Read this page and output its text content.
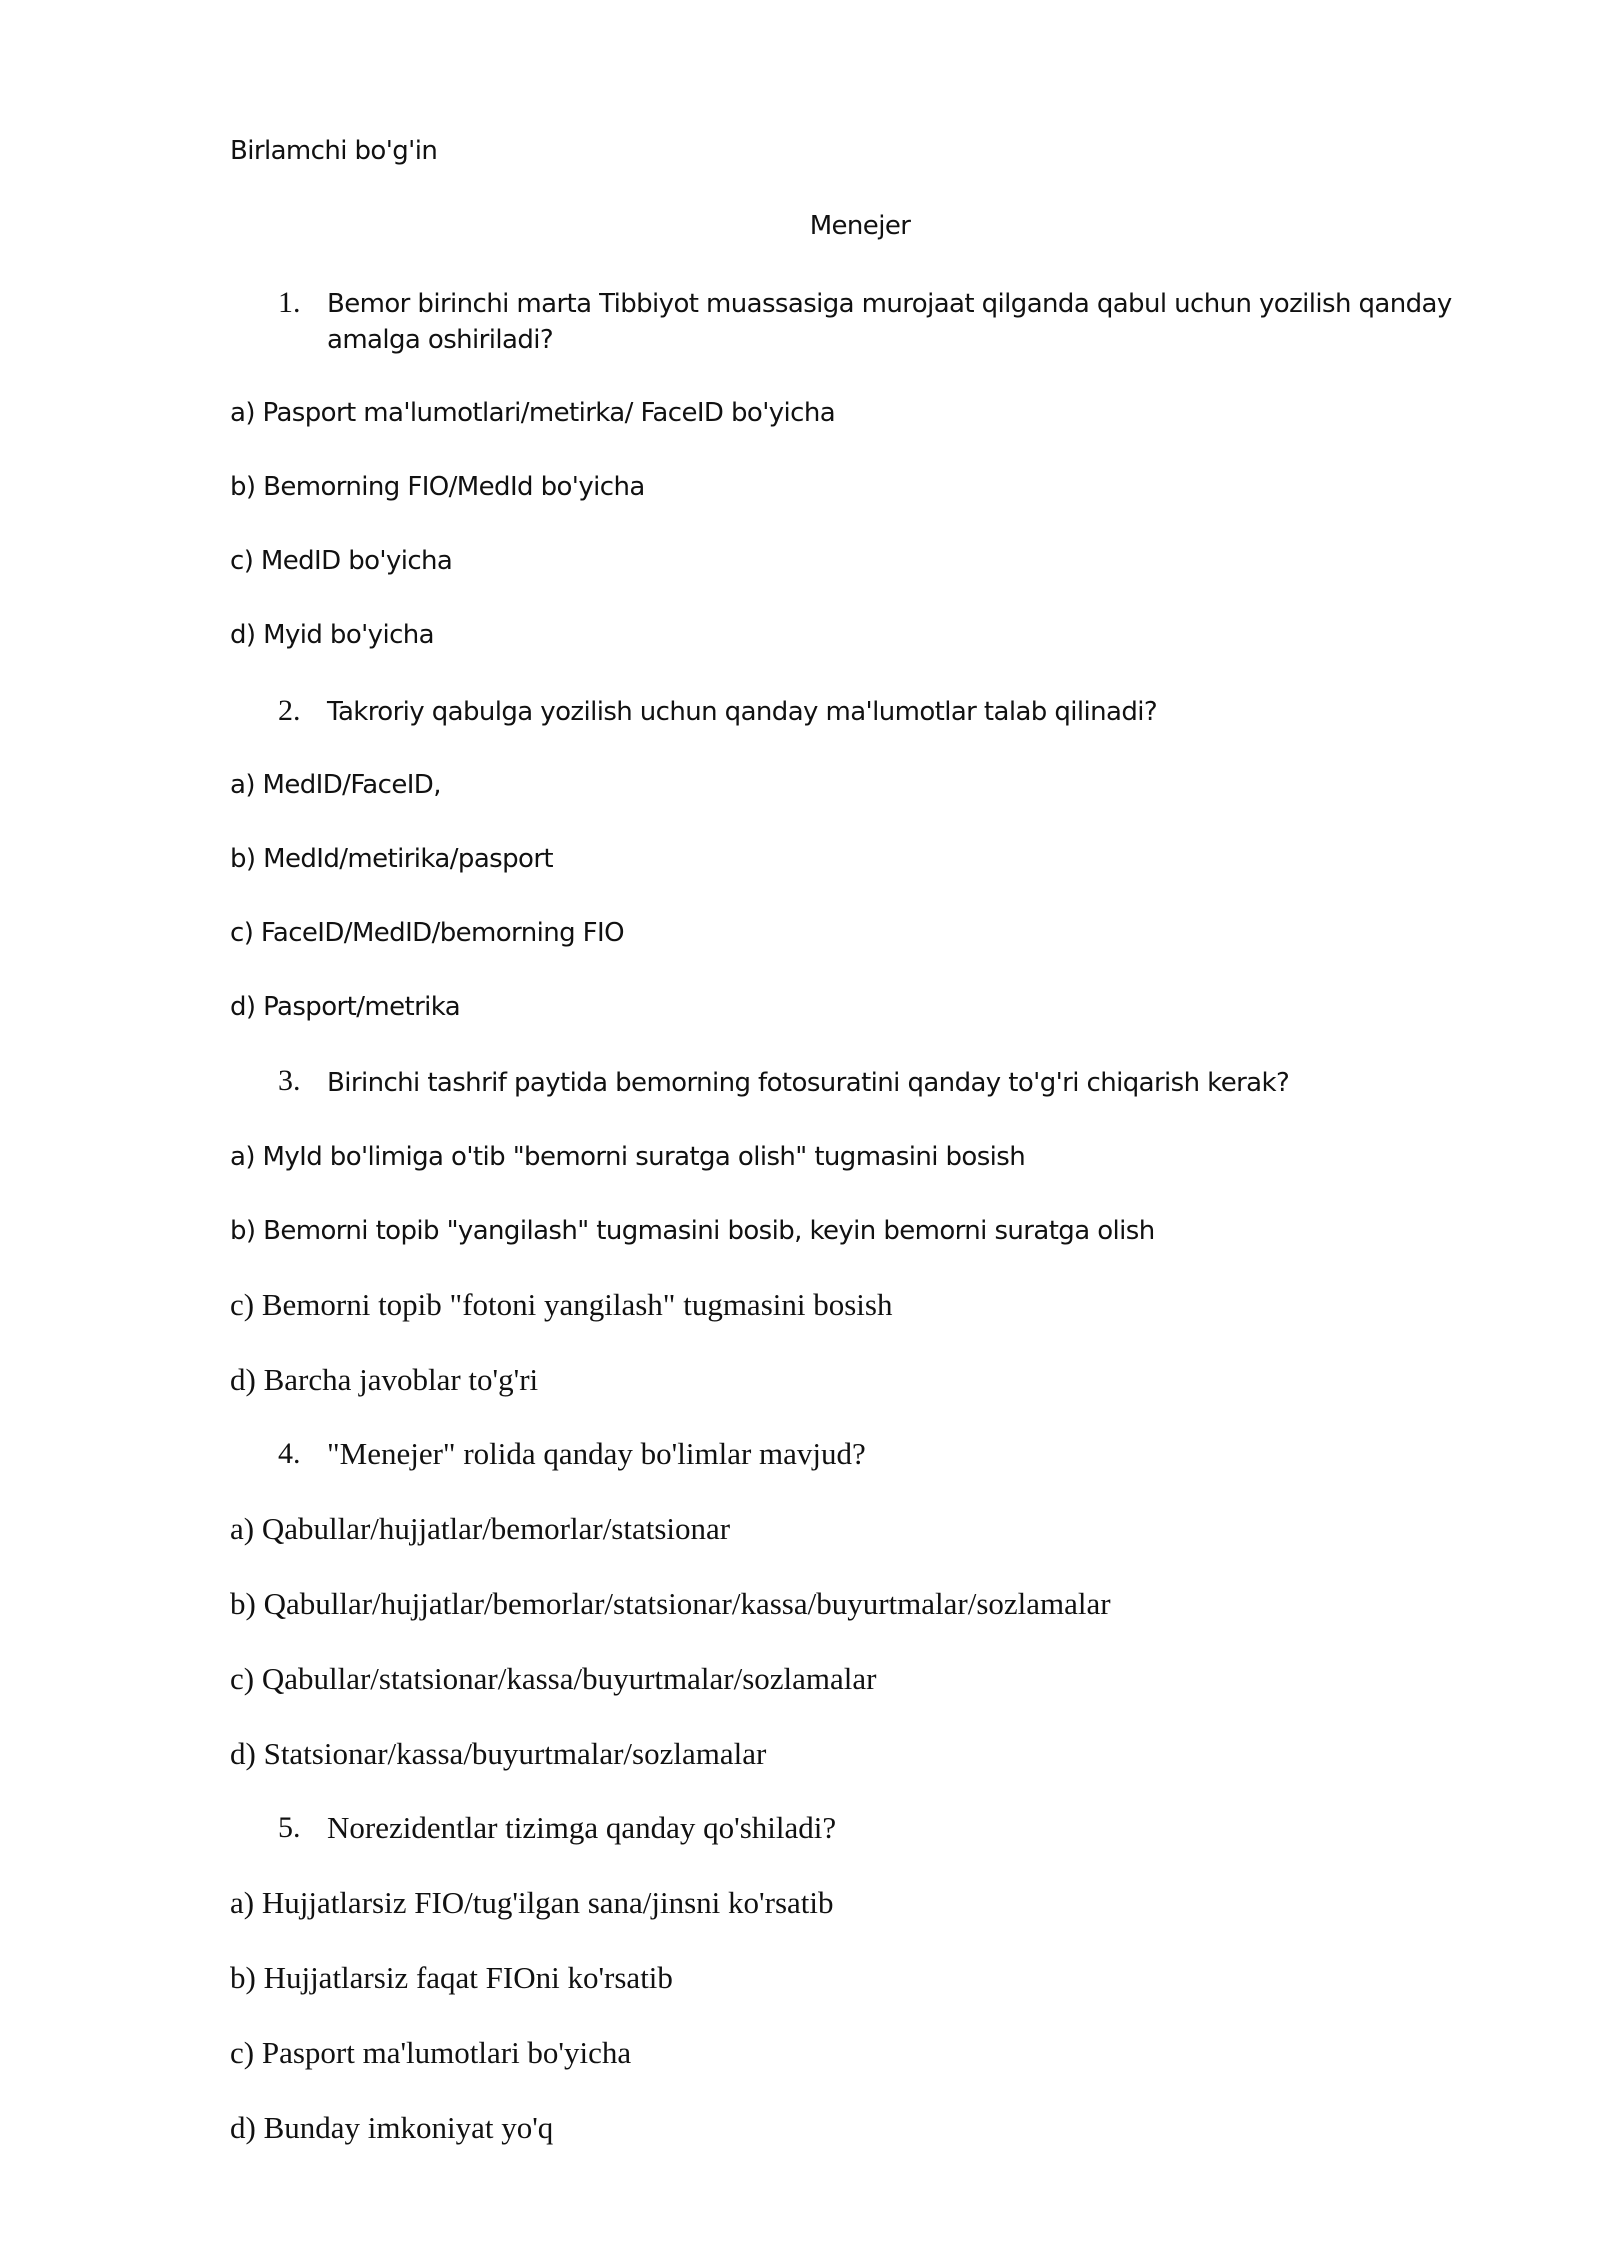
Birlamchi bo'g'in
Menejer
1. Bemor birinchi marta Tibbiyot muassasiga murojaat qilganda qabul uchun yozilish qanday
amalga oshiriladi?
a) Pasport ma'lumotlari/metirka/ FaceID bo'yicha
b) Bemorning FIO/MedId bo'yicha
c) MedID bo'yicha
d) Myid bo'yicha
2. Takroriy qabulga yozilish uchun qanday ma'lumotlar talab qilinadi?
a) MedID/FaceID,
b) MedId/metirika/pasport
c) FaceID/MedID/bemorning FIO
d) Pasport/metrika
3. Birinchi tashrif paytida bemorning fotosuratini qanday to'g'ri chiqarish kerak?
a) MyId bo'limiga o'tib "bemorni suratga olish" tugmasini bosish
b) Bemorni topib "yangilash" tugmasini bosib, keyin bemorni suratga olish
c) Bemorni topib "fotoni yangilash" tugmasini bosish
d) Barcha javoblar to'g'ri
4. "Menejer" rolida qanday bo'limlar mavjud?
a) Qabullar/hujjatlar/bemorlar/statsionar
b) Qabullar/hujjatlar/bemorlar/statsionar/kassa/buyurtmalar/sozlamalar
c) Qabullar/statsionar/kassa/buyurtmalar/sozlamalar
d) Statsionar/kassa/buyurtmalar/sozlamalar
5. Norezidentlar tizimga qanday qo'shiladi?
a) Hujjatlarsiz FIO/tug'ilgan sana/jinsni ko'rsatib
b) Hujjatlarsiz faqat FIOni ko'rsatib
c) Pasport ma'lumotlari bo'yicha
d) Bunday imkoniyat yo'q
